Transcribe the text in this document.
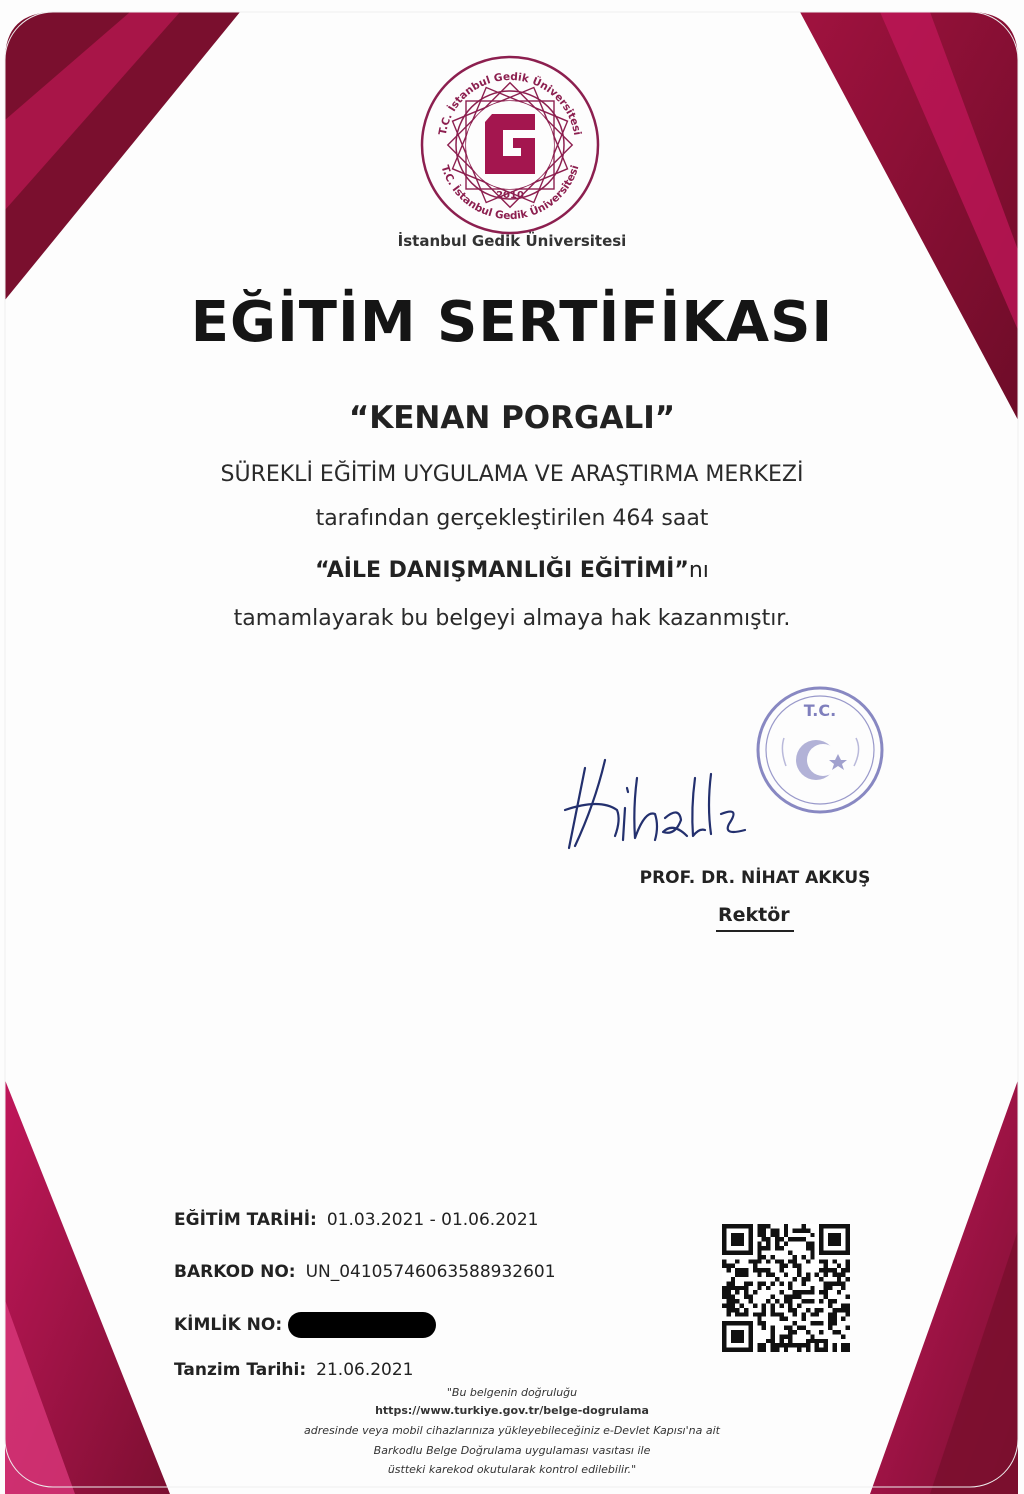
2010
T.C. İstanbul Gedik Üniversitesi
T.C. İstanbul Gedik Üniversitesi
İstanbul Gedik Üniversitesi
EĞİTİM SERTİFİKASI
“KENAN PORGALI”
SÜREKLİ EĞİTİM UYGULAMA VE ARAŞTIRMA MERKEZİ
tarafından gerçekleştirilen 464 saat
“AİLE DANIŞMANLIĞI EĞİTİMİ”nı
tamamlayarak bu belgeyi almaya hak kazanmıştır.
T.C.
PROF. DR. NİHAT AKKUŞ
Rektör
EĞİTİM TARİHİ: 01.03.2021 - 01.06.2021
BARKOD NO: UN_04105746063588932601
KİMLİK NO:
Tanzim Tarihi: 21.06.2021
"Bu belgenin doğruluğu
https://www.turkiye.gov.tr/belge-dogrulama
adresinde veya mobil cihazlarınıza yükleyebileceğiniz e-Devlet Kapısı'na ait
Barkodlu Belge Doğrulama uygulaması vasıtası ile
üstteki karekod okutularak kontrol edilebilir."
